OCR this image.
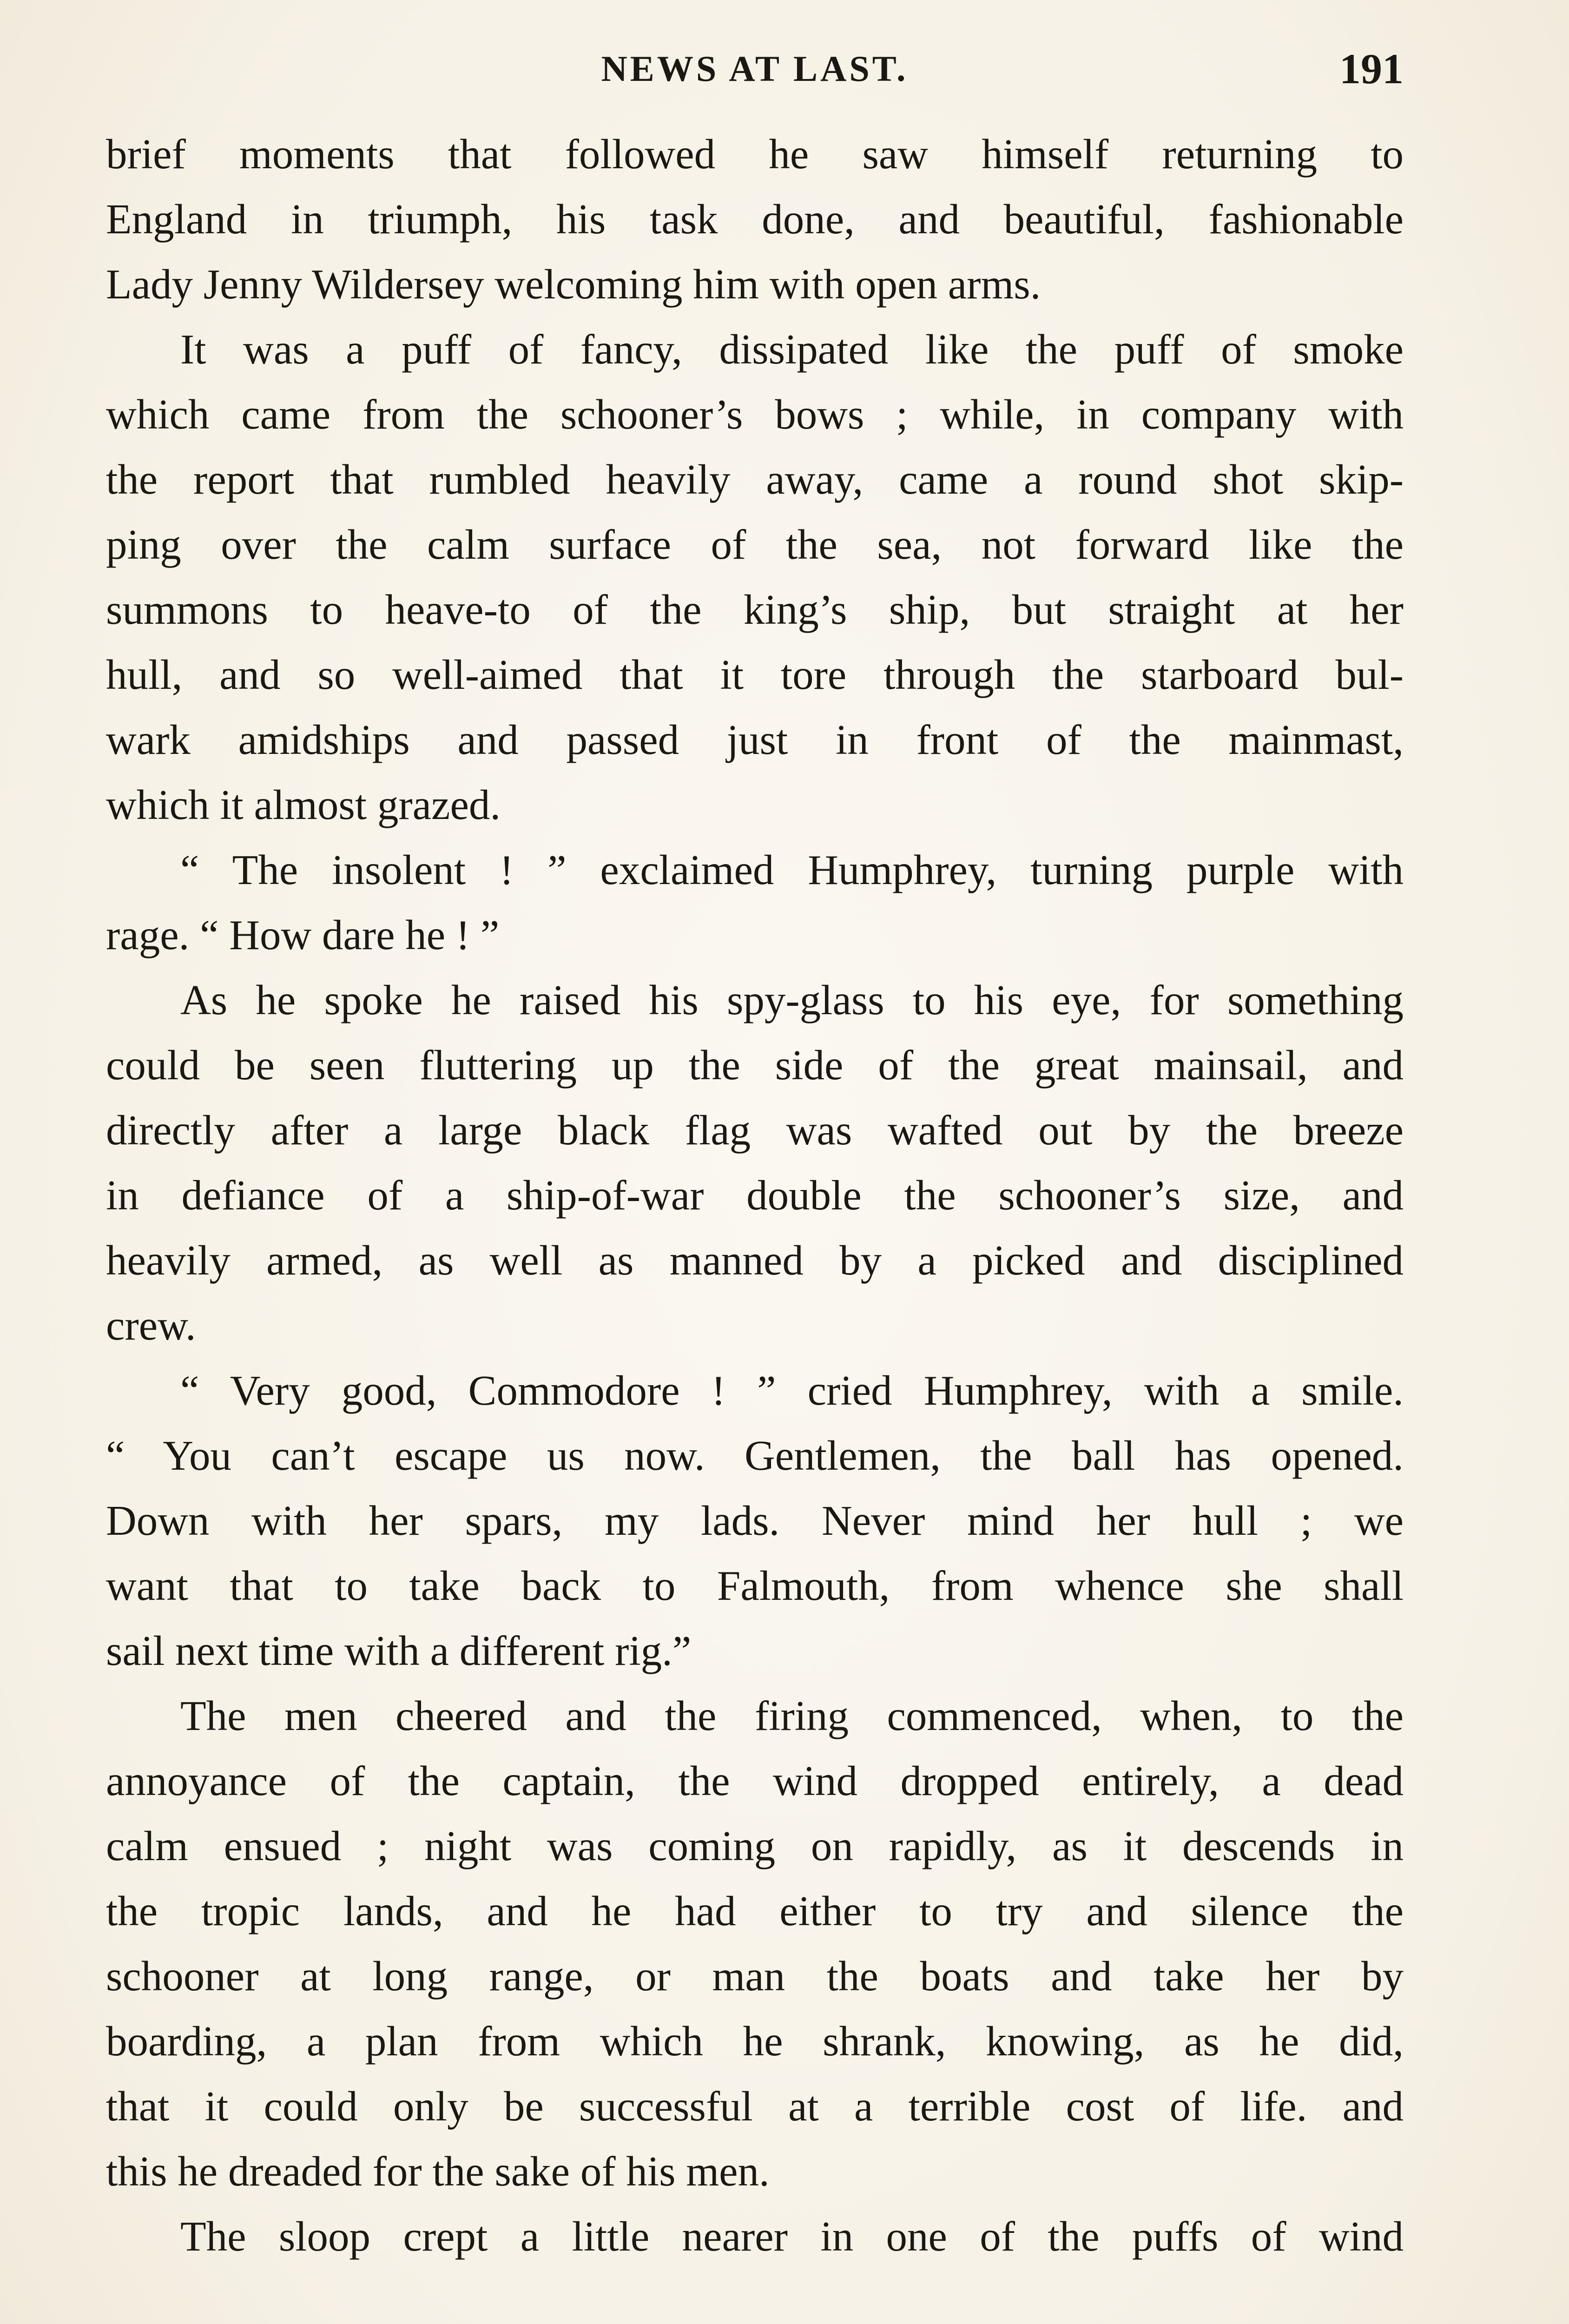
NEWS AT LAST.	191
brief moments that followed he saw himself returning to
England in triumph, his task done, and beautiful, fashionable
Lady Jenny Wildersey welcoming him with open arms.
It was a puff of fancy, dissipated like the puff of smoke
which came from the schooner’s bows ; while, in company with
the report that rumbled heavily away, came a round shot skip-
ping over the calm surface of the sea, not forward like the
summons to heave-to of the king’s ship, but straight at her
hull, and so well-aimed that it tore through the starboard bul-
wark amidships and passed just in front of the mainmast,
which it almost grazed.
“ The insolent ! ” exclaimed Humphrey, turning purple with
rage. “ How dare he ! ”
As he spoke he raised his spy-glass to his eye, for something
could be seen fluttering up the side of the great mainsail, and
directly after a large black flag was wafted out by the breeze
in defiance of a ship-of-war double the schooner’s size, and
heavily armed, as well as manned by a picked and disciplined
crew.
“ Very good, Commodore ! ” cried Humphrey, with a smile.
“ You can’t escape us now. Gentlemen, the ball has opened.
Down with her spars, my lads. Never mind her hull ; we
want that to take back to Falmouth, from whence she shall
sail next time with a different rig.”
The men cheered and the firing commenced, when, to the
annoyance of the captain, the wind dropped entirely, a dead
calm ensued ; night was coming on rapidly, as it descends in
the tropic lands, and he had either to try and silence the
schooner at long range, or man the boats and take her by
boarding, a plan from which he shrank, knowing, as he did,
that it could only be successful at a terrible cost of life. and
this he dreaded for the sake of his men.
The sloop crept a little nearer in one of the puffs of wind
